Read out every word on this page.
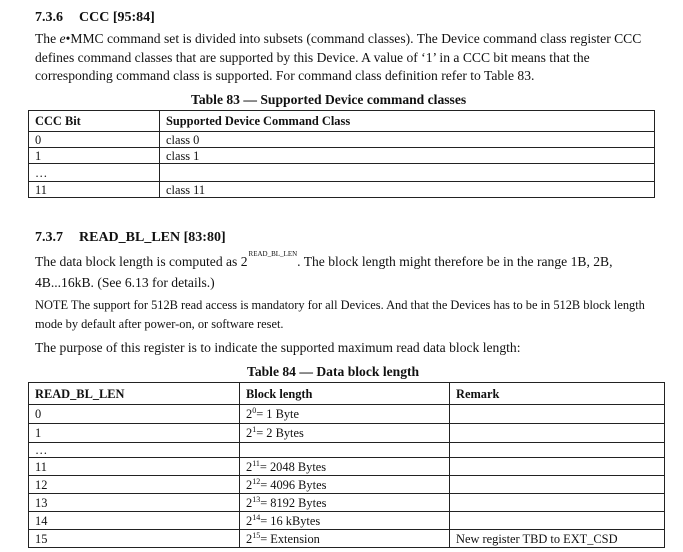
7.3.6 CCC [95:84]
The e•MMC command set is divided into subsets (command classes). The Device command class register CCC defines command classes that are supported by this Device. A value of ‘1’ in a CCC bit means that the corresponding command class is supported. For command class definition refer to Table 83.
Table 83 — Supported Device command classes
CCC Bit	Supported Device Command Class
0	class 0
1	class 1
…	
11	class 11
7.3.7 READ_BL_LEN [83:80]
The data block length is computed as $2^{READ\_BL\_LEN}$. The block length might therefore be in the range 1B, 2B, 4B...16kB. (See 6.13 for details.)
NOTE The support for 512B read access is mandatory for all Devices. And that the Devices has to be in 512B block length mode by default after power-on, or software reset.
The purpose of this register is to indicate the supported maximum read data block length:
Table 84 — Data block length
READ_BL_LEN	Block length	Remark
0	$2^0= 1$ Byte	
1	$2^1= 2$ Bytes	
…		
11	$2^{11}= 2048$ Bytes	
12	$2^{12}= 4096$ Bytes	
13	$2^{13}= 8192$ Bytes	
14	$2^{14}= 16$ kBytes	
15	$2^{15}=$ Extension	New register TBD to EXT_CSD
